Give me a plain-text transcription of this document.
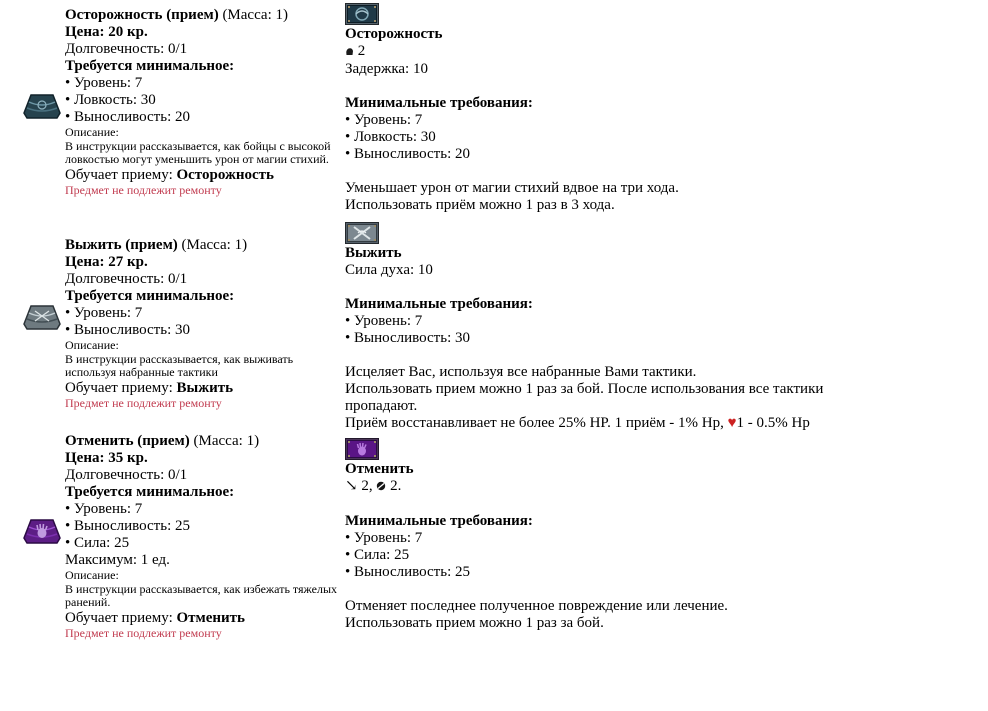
Осторожность (прием) (Масса: 1)
Цена: 20 кр.
Долговечность: 0/1
Требуется минимальное:
• Уровень: 7
• Ловкость: 30
• Выносливость: 20
Описание:
В инструкции рассказывается, как бойцы с высокой
ловкостью могут уменьшить урон от магии стихий.
Обучает приему: Осторожность
Предмет не подлежит ремонту
Осторожность
2
Задержка: 10
Минимальные требования:
• Уровень: 7
• Ловкость: 30
• Выносливость: 20
Уменьшает урон от магии стихий вдвое на три хода.
Использовать приём можно 1 раз в 3 хода.
Выжить (прием) (Масса: 1)
Цена: 27 кр.
Долговечность: 0/1
Требуется минимальное:
• Уровень: 7
• Выносливость: 30
Описание:
В инструкции рассказывается, как выживать
используя набранные тактики
Обучает приему: Выжить
Предмет не подлежит ремонту
Выжить
Сила духа: 10
Минимальные требования:
• Уровень: 7
• Выносливость: 30
Исцеляет Вас, используя все набранные Вами тактики.
Использовать прием можно 1 раз за бой. После использования все тактики
пропадают.
Приём восстанавливает не более 25% HP. 1 приём - 1% Hp, ♥1 - 0.5% Hp
Отменить (прием) (Масса: 1)
Цена: 35 кр.
Долговечность: 0/1
Требуется минимальное:
• Уровень: 7
• Выносливость: 25
• Сила: 25
Максимум: 1 ед.
Описание:
В инструкции рассказывается, как избежать тяжелых
ранений.
Обучает приему: Отменить
Предмет не подлежит ремонту
Отменить
↘ 2,  2.
Минимальные требования:
• Уровень: 7
• Сила: 25
• Выносливость: 25
Отменяет последнее полученное повреждение или лечение.
Использовать прием можно 1 раз за бой.
